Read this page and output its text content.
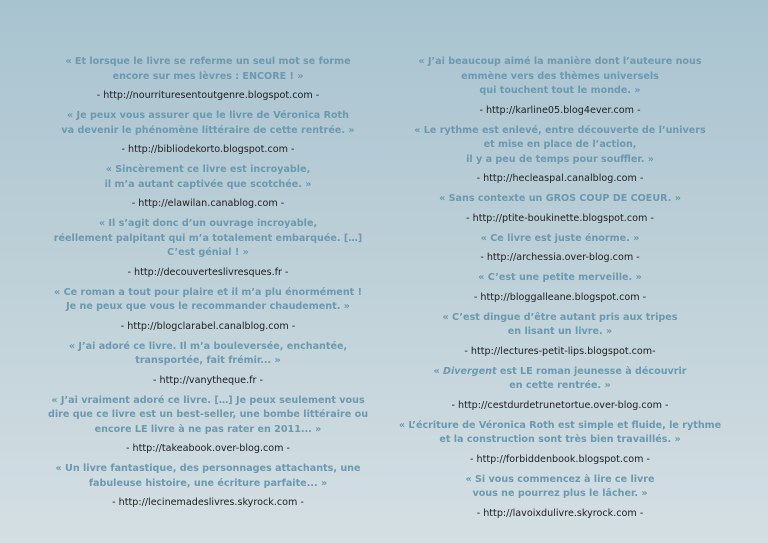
« Et lorsque le livre se referme un seul mot se forme
encore sur mes lèvres : ENCORE ! »

- http://nourrituresentoutgenre.blogspot.com -

« Je peux vous assurer que le livre de Véronica Roth
va devenir le phénomène littéraire de cette rentrée. »

- http://bibliodekorto.blogspot.com -

« Sincèrement ce livre est incroyable,
il m’a autant captivée que scotchée. »

- http://elawilan.canablog.com -

« Il s’agit donc d’un ouvrage incroyable,
réellement palpitant qui m’a totalement embarquée. […]
C’est génial ! »

- http://decouverteslivresques.fr -

« Ce roman a tout pour plaire et il m’a plu énormément !
Je ne peux que vous le recommander chaudement. »

- http://blogclarabel.canalblog.com -

« J’ai adoré ce livre. Il m’a bouleversée, enchantée,
transportée, fait frémir... »

- http://vanytheque.fr -

« J’ai vraiment adoré ce livre. […] Je peux seulement vous
dire que ce livre est un best-seller, une bombe littéraire ou
encore LE livre à ne pas rater en 2011... »

- http://takeabook.over-blog.com -

« Un livre fantastique, des personnages attachants, une
fabuleuse histoire, une écriture parfaite... »

- http://lecinemadeslivres.skyrock.com -

« J’ai beaucoup aimé la manière dont l’auteure nous
emmène vers des thèmes universels
qui touchent tout le monde. »

- http://karline05.blog4ever.com -

« Le rythme est enlevé, entre découverte de l’univers
et mise en place de l’action,
il y a peu de temps pour souffler. »

- http://hecleaspal.canalblog.com -

« Sans contexte un GROS COUP DE COEUR. »

- http://ptite-boukinette.blogspot.com -

« Ce livre est juste énorme. »

- http://archessia.over-blog.com -

« C’est une petite merveille. »

- http://bloggalleane.blogspot.com -

« C’est dingue d’être autant pris aux tripes
en lisant un livre. »

- http://lectures-petit-lips.blogspot.com-

« Divergent est LE roman jeunesse à découvrir
en cette rentrée. »

- http://cestdurdetrunetortue.over-blog.com -

« L’écriture de Véronica Roth est simple et fluide, le rythme
et la construction sont très bien travaillés. »

- http://forbiddenbook.blogspot.com -

« Si vous commencez à lire ce livre
vous ne pourrez plus le lâcher. »

- http://lavoixdulivre.skyrock.com -
